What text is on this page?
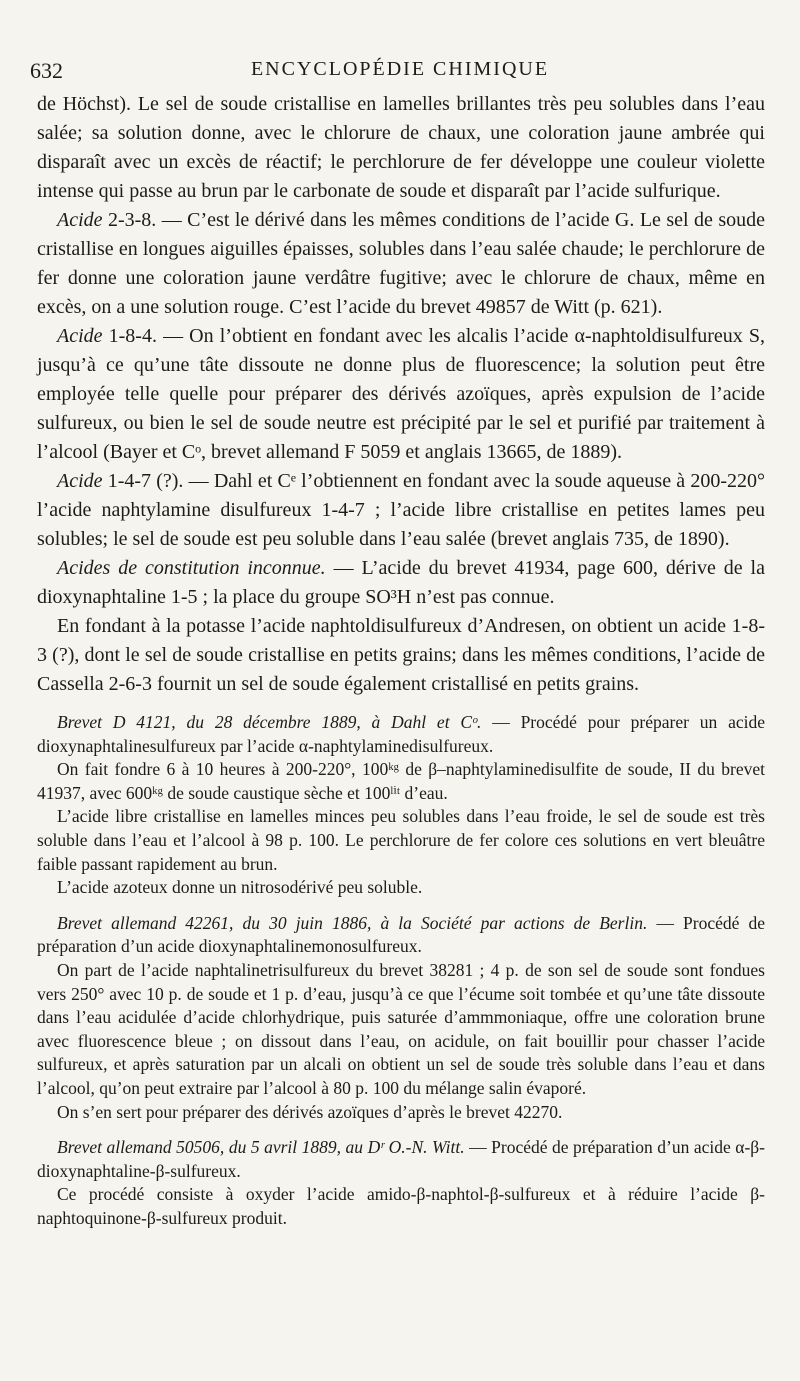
632	ENCYCLOPÉDIE CHIMIQUE

de Höchst). Le sel de soude cristallise en lamelles brillantes très peu solubles dans l’eau salée; sa solution donne, avec le chlorure de chaux, une coloration jaune ambrée qui disparaît avec un excès de réactif; le perchlorure de fer développe une couleur violette intense qui passe au brun par le carbonate de soude et disparaît par l’acide sulfurique.

Acide 2-3-8. — C’est le dérivé dans les mêmes conditions de l’acide G. Le sel de soude cristallise en longues aiguilles épaisses, solubles dans l’eau salée chaude; le perchlorure de fer donne une coloration jaune verdâtre fugitive; avec le chlorure de chaux, même en excès, on a une solution rouge. C’est l’acide du brevet 49857 de Witt (p. 621).

Acide 1-8-4. — On l’obtient en fondant avec les alcalis l’acide α-naphtoldisulfureux S, jusqu’à ce qu’une tâte dissoute ne donne plus de fluorescence; la solution peut être employée telle quelle pour préparer des dérivés azoïques, après expulsion de l’acide sulfureux, ou bien le sel de soude neutre est précipité par le sel et purifié par traitement à l’alcool (Bayer et Cᵒ, brevet allemand F 5059 et anglais 13665, de 1889).

Acide 1-4-7 (?). — Dahl et Cᵉ l’obtiennent en fondant avec la soude aqueuse à 200-220° l’acide naphtylamine disulfureux 1-4-7 ; l’acide libre cristallise en petites lames peu solubles; le sel de soude est peu soluble dans l’eau salée (brevet anglais 735, de 1890).

Acides de constitution inconnue. — L’acide du brevet 41934, page 600, dérive de la dioxynaphtaline 1-5 ; la place du groupe SO³H n’est pas connue.

En fondant à la potasse l’acide naphtoldisulfureux d’Andresen, on obtient un acide 1-8-3 (?), dont le sel de soude cristallise en petits grains; dans les mêmes conditions, l’acide de Cassella 2-6-3 fournit un sel de soude également cristallisé en petits grains.

Brevet D 4121, du 28 décembre 1889, à Dahl et Cᵒ. — Procédé pour préparer un acide dioxynaphtalinesulfureux par l’acide α-naphtylaminedisulfureux.

On fait fondre 6 à 10 heures à 200-220°, 100ᵏᵍ de β–naphtylaminedisulfite de soude, II du brevet 41937, avec 600ᵏᵍ de soude caustique sèche et 100ˡⁱᵗ d’eau.

L’acide libre cristallise en lamelles minces peu solubles dans l’eau froide, le sel de soude est très soluble dans l’eau et l’alcool à 98 p. 100. Le perchlorure de fer colore ces solutions en vert bleuâtre faible passant rapidement au brun.

L’acide azoteux donne un nitrosodérivé peu soluble.

Brevet allemand 42261, du 30 juin 1886, à la Société par actions de Berlin. — Procédé de préparation d’un acide dioxynaphtalinemonosulfureux.

On part de l’acide naphtalinetrisulfureux du brevet 38281 ; 4 p. de son sel de soude sont fondues vers 250° avec 10 p. de soude et 1 p. d’eau, jusqu’à ce que l’écume soit tombée et qu’une tâte dissoute dans l’eau acidulée d’acide chlorhydrique, puis saturée d’ammmoniaque, offre une coloration brune avec fluorescence bleue ; on dissout dans l’eau, on acidule, on fait bouillir pour chasser l’acide sulfureux, et après saturation par un alcali on obtient un sel de soude très soluble dans l’eau et dans l’alcool, qu’on peut extraire par l’alcool à 80 p. 100 du mélange salin évaporé.

On s’en sert pour préparer des dérivés azoïques d’après le brevet 42270.

Brevet allemand 50506, du 5 avril 1889, au Dʳ O.-N. Witt. — Procédé de préparation d’un acide α-β-dioxynaphtaline-β-sulfureux.

Ce procédé consiste à oxyder l’acide amido-β-naphtol-β-sulfureux et à réduire l’acide β-naphtoquinone-β-sulfureux produit.
